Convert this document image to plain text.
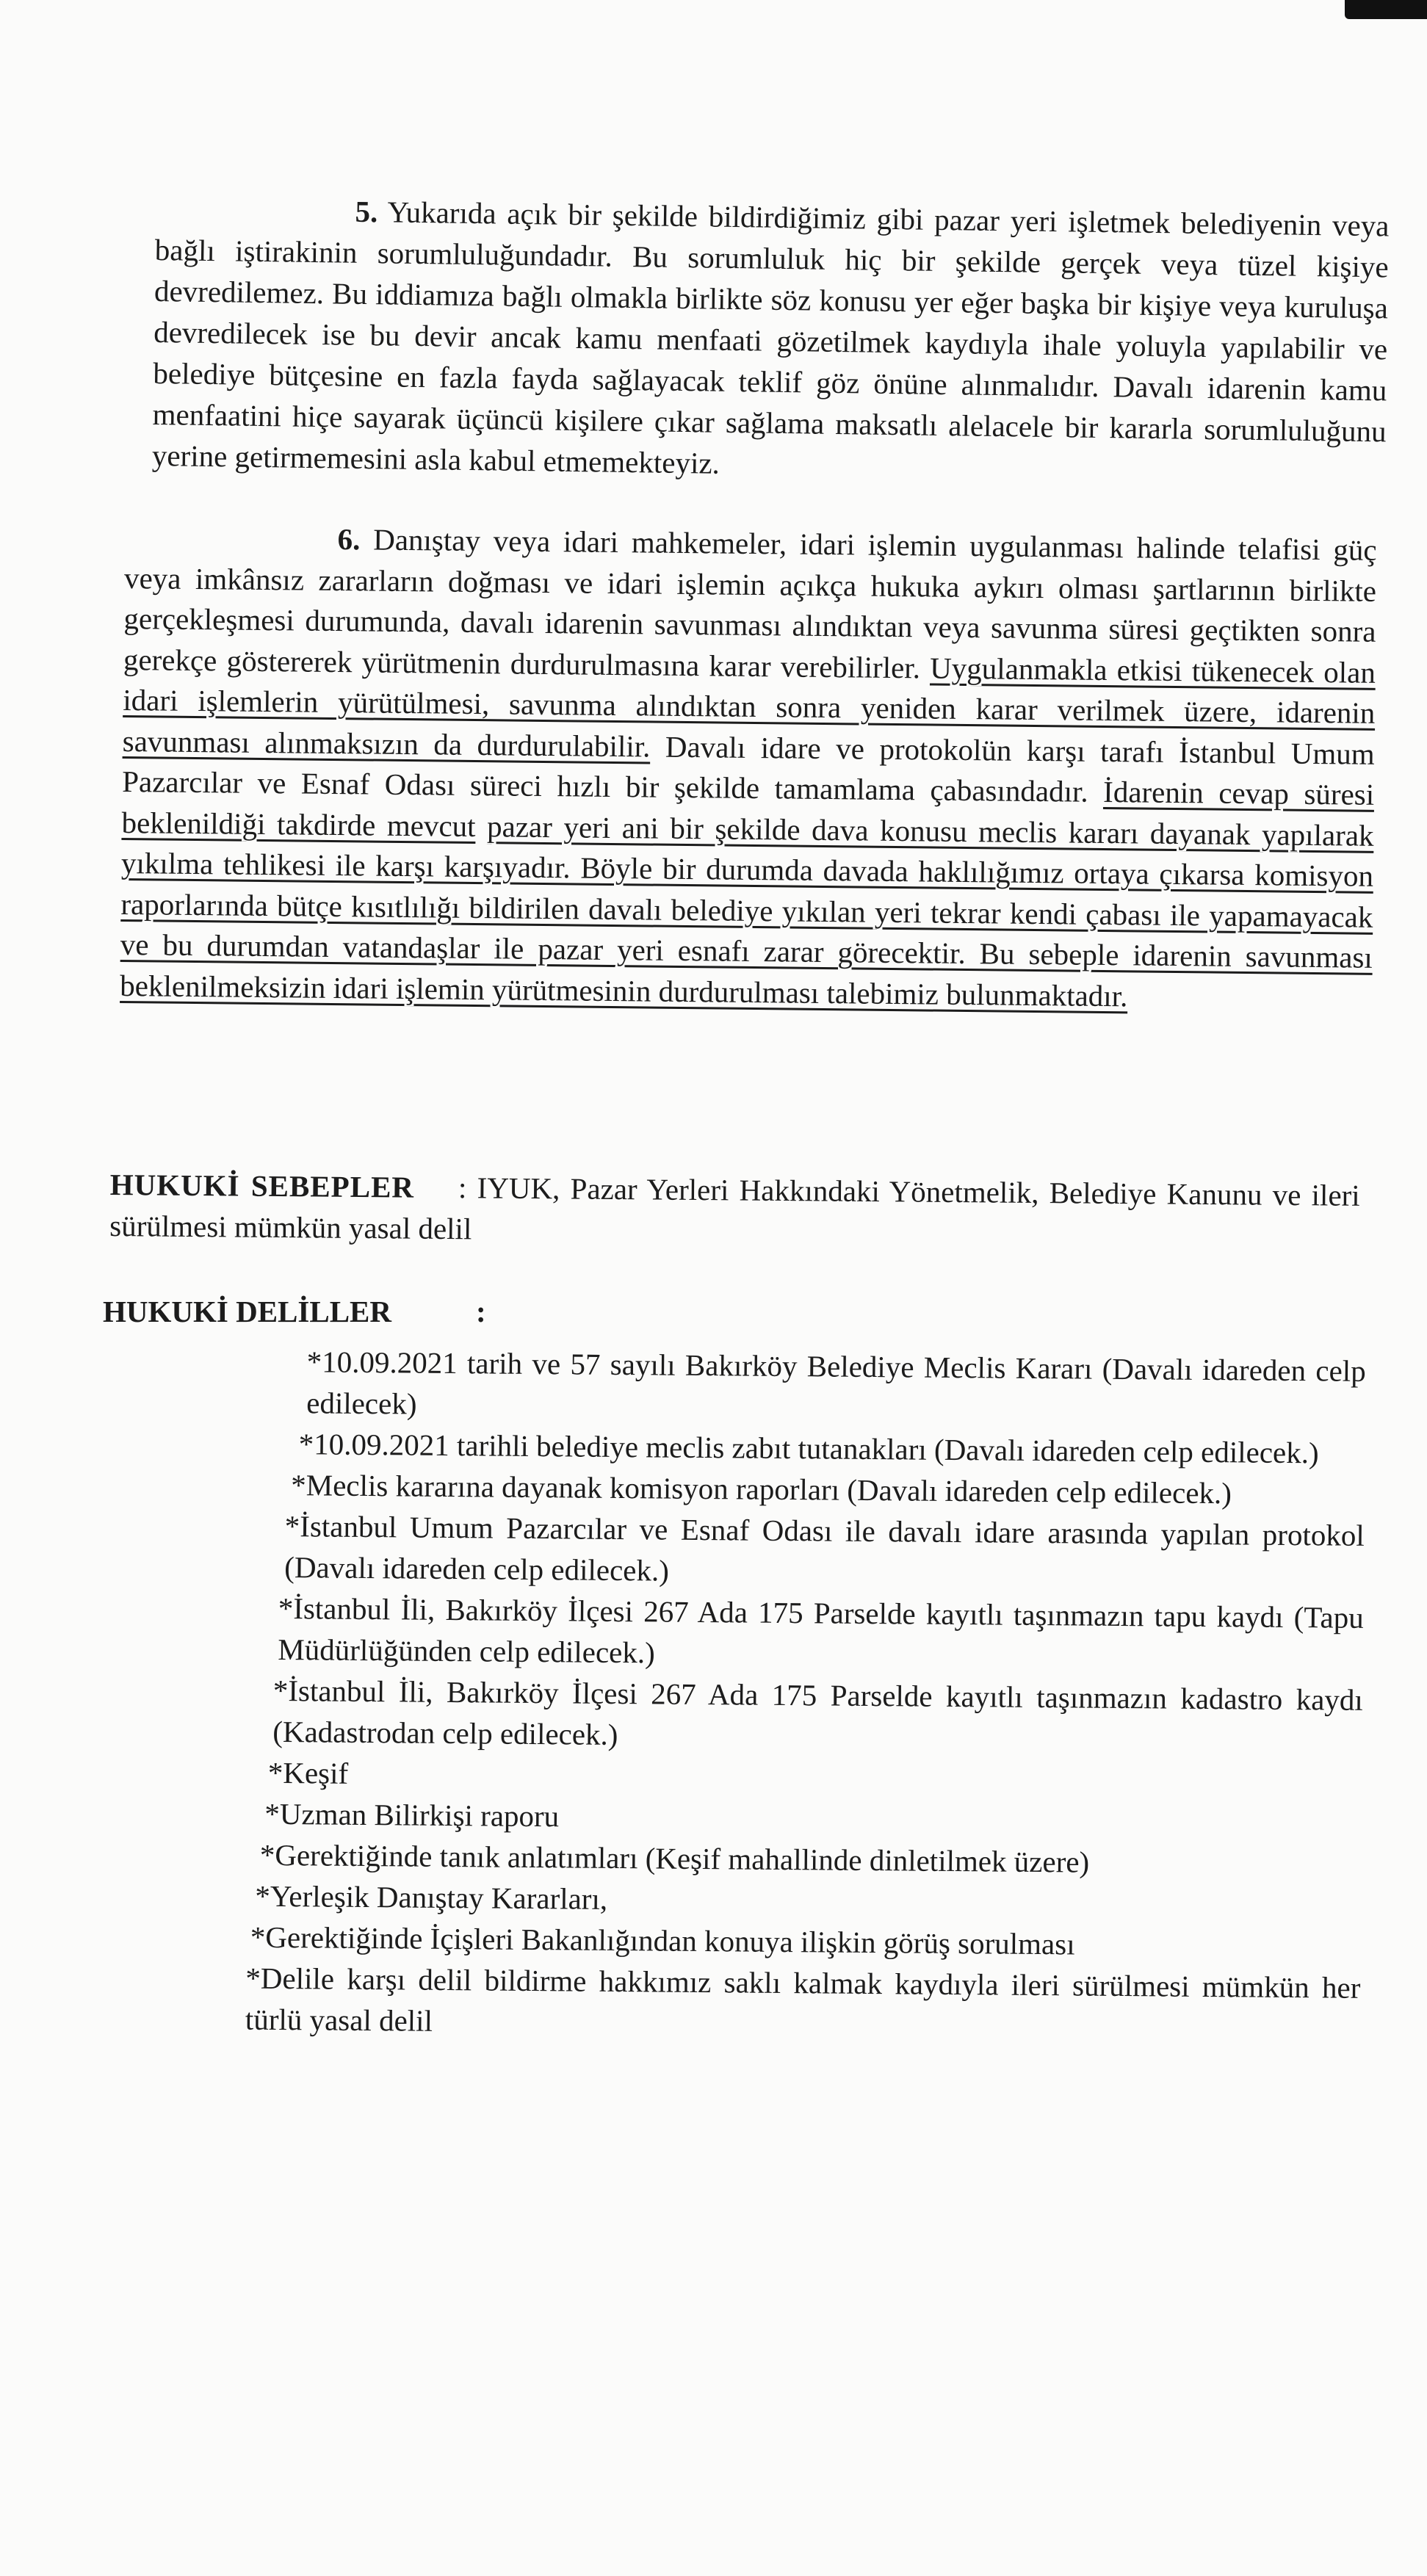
5. Yukarıda açık bir şekilde bildirdiğimiz gibi pazar yeri işletmek belediyenin veya bağlı iştirakinin sorumluluğundadır. Bu sorumluluk hiç bir şekilde gerçek veya tüzel kişiye devredilemez. Bu iddiamıza bağlı olmakla birlikte söz konusu yer eğer başka bir kişiye veya kuruluşa devredilecek ise bu devir ancak kamu menfaati gözetilmek kaydıyla ihale yoluyla yapılabilir ve belediye bütçesine en fazla fayda sağlayacak teklif göz önüne alınmalıdır. Davalı idarenin kamu menfaatini hiçe sayarak üçüncü kişilere çıkar sağlama maksatlı alelacele bir kararla sorumluluğunu yerine getirmemesini asla kabul etmemekteyiz.

6. Danıştay veya idari mahkemeler, idari işlemin uygulanması halinde telafisi güç veya imkânsız zararların doğması ve idari işlemin açıkça hukuka aykırı olması şartlarının birlikte gerçekleşmesi durumunda, davalı idarenin savunması alındıktan veya savunma süresi geçtikten sonra gerekçe göstererek yürütmenin durdurulmasına karar verebilirler. Uygulanmakla etkisi tükenecek olan idari işlemlerin yürütülmesi, savunma alındıktan sonra yeniden karar verilmek üzere, idarenin savunması alınmaksızın da durdurulabilir. Davalı idare ve protokolün karşı tarafı İstanbul Umum Pazarcılar ve Esnaf Odası süreci hızlı bir şekilde tamamlama çabasındadır. İdarenin cevap süresi beklenildiği takdirde mevcut pazar yeri ani bir şekilde dava konusu meclis kararı dayanak yapılarak yıkılma tehlikesi ile karşı karşıyadır. Böyle bir durumda davada haklılığımız ortaya çıkarsa komisyon raporlarında bütçe kısıtlılığı bildirilen davalı belediye yıkılan yeri tekrar kendi çabası ile yapamayacak ve bu durumdan vatandaşlar ile pazar yeri esnafı zarar görecektir. Bu sebeple idarenin savunması beklenilmeksizin idari işlemin yürütmesinin durdurulması talebimiz bulunmaktadır.

HUKUKİ SEBEPLER : IYUK, Pazar Yerleri Hakkındaki Yönetmelik, Belediye Kanunu ve ileri sürülmesi mümkün yasal delil

HUKUKİ DELİLLER	:

*10.09.2021 tarih ve 57 sayılı Bakırköy Belediye Meclis Kararı (Davalı idareden celp edilecek)
*10.09.2021 tarihli belediye meclis zabıt tutanakları (Davalı idareden celp edilecek.)
*Meclis kararına dayanak komisyon raporları (Davalı idareden celp edilecek.)
*İstanbul Umum Pazarcılar ve Esnaf Odası ile davalı idare arasında yapılan protokol (Davalı idareden celp edilecek.)
*İstanbul İli, Bakırköy İlçesi 267 Ada 175 Parselde kayıtlı taşınmazın tapu kaydı (Tapu Müdürlüğünden celp edilecek.)
*İstanbul İli, Bakırköy İlçesi 267 Ada 175 Parselde kayıtlı taşınmazın kadastro kaydı (Kadastrodan celp edilecek.)
*Keşif
*Uzman Bilirkişi raporu
*Gerektiğinde tanık anlatımları (Keşif mahallinde dinletilmek üzere)
*Yerleşik Danıştay Kararları,
*Gerektiğinde İçişleri Bakanlığından konuya ilişkin görüş sorulması
*Delile karşı delil bildirme hakkımız saklı kalmak kaydıyla ileri sürülmesi mümkün her türlü yasal delil
